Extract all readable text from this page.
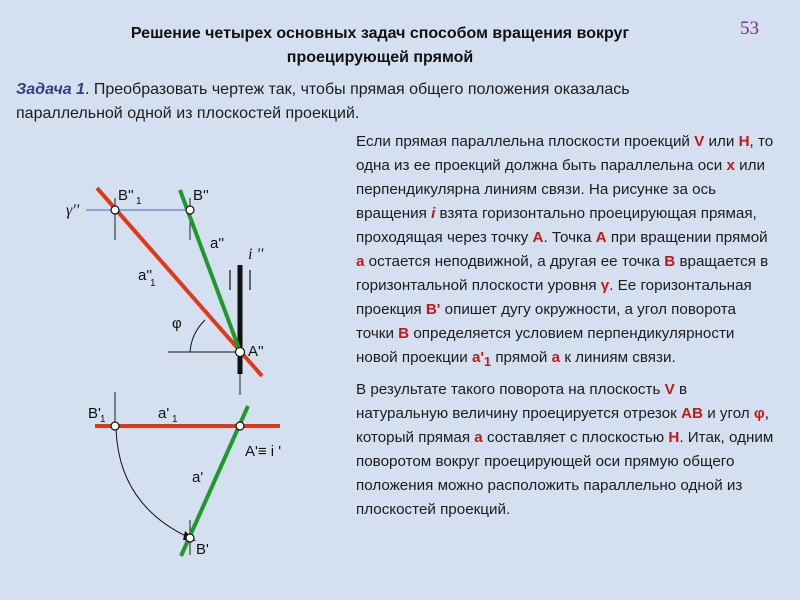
Решение четырех основных задач способом вращения вокруг
проецирующей прямой
53
Задача 1. Преобразовать чертеж так, чтобы прямая общего положения оказалась
параллельной одной из плоскостей проекций.

Если прямая параллельна плоскости проекций V или H, то одна из ее проекций должна быть параллельна оси x или перпендикулярна линиям связи. На рисунке за ось вращения i взята горизонтально проецирующая прямая, проходящая через точку A. Точка A при вращении прямой a остается неподвижной, а другая ее точка B вращается в горизонтальной плоскости уровня γ. Ее горизонтальная проекция B' опишет дугу окружности, а угол поворота точки B определяется условием перпендикулярности новой проекции $a'_1$ прямой a к линиям связи.

В результате такого поворота на плоскость V в натуральную величину проецируется отрезок AB и угол φ, который прямая a составляет с плоскостью H. Итак, одним поворотом вокруг проецирующей оси прямую общего положения можно расположить параллельно одной из плоскостей проекций.

γ''
B'' 1	B''
a''
a''
1
i ''
φ
A''
B' 1	a' 1
A'≡ i '
a'
B'
